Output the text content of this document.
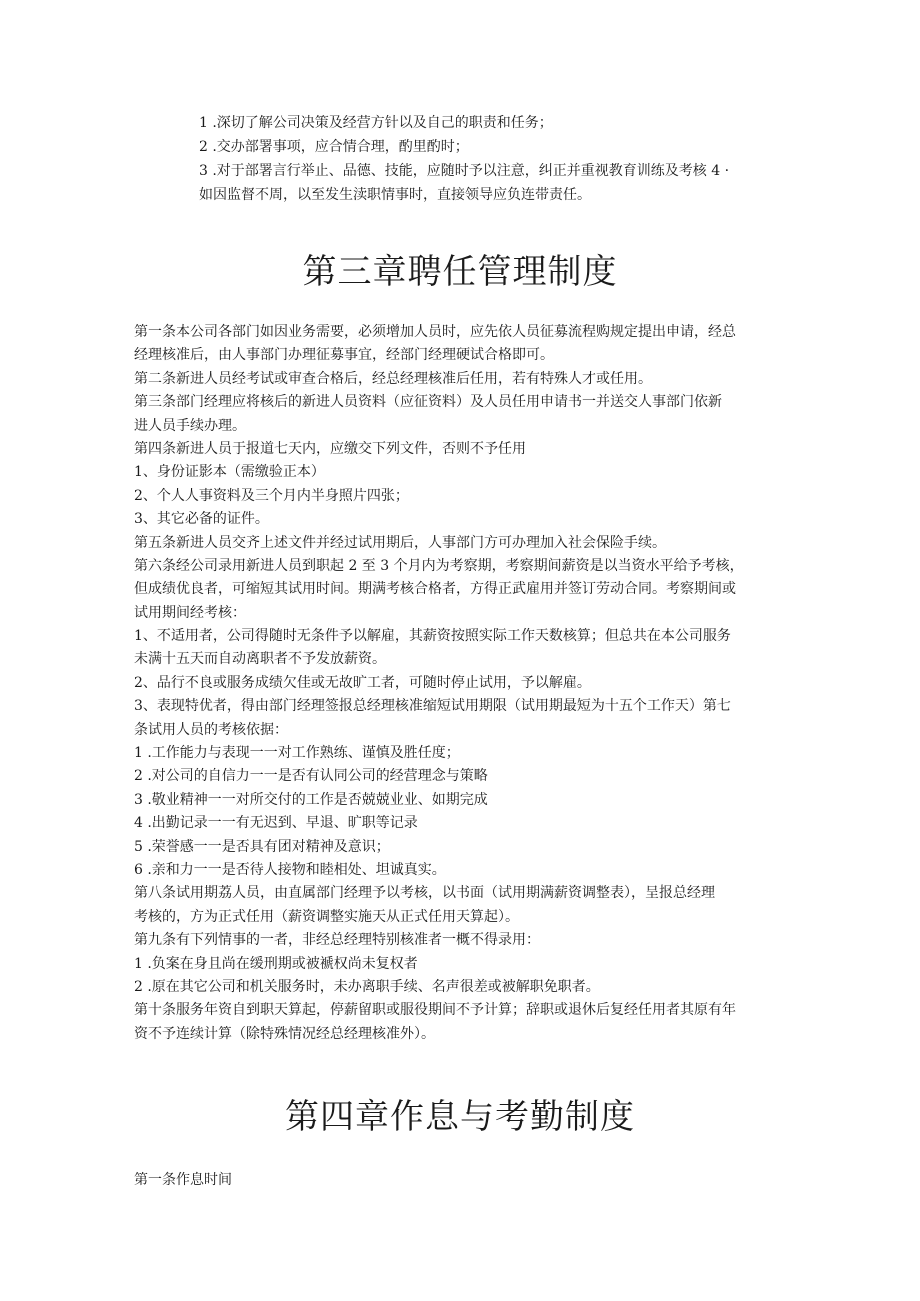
1 .深切了解公司决策及经营方针以及自己的职责和任务；

2 .交办部署事项，应合情合理，酌里酌时；

3 .对于部署言行举止、品德、技能，应随时予以注意，纠正并重视教育训练及考核 4 ·

如因监督不周，以至发生渎职情事时，直接领导应负连带责任。

第三章聘任管理制度

第一条本公司各部门如因业务需要，必须增加人员时，应先依人员征募流程购规定提出申请，经总

经理核准后，由人事部门办理征募事宜，经部门经理硬试合格即可。

第二条新进人员经考试或审查合格后，经总经理核准后任用，若有特殊人才或任用。

第三条部门经理应将核后的新进人员资料（应征资料）及人员任用申请书一并送交人事部门依新

进人员手续办理。

第四条新进人员于报道七天内，应缴交下列文件，否则不予任用

1、身份证影本（需缴验正本）

2、个人人事资料及三个月内半身照片四张；

3、其它必备的证件。

第五条新进人员交齐上述文件并经过试用期后，人事部门方可办理加入社会保险手续。

第六条经公司录用新进人员到职起 2 至 3 个月内为考察期，考察期间薪资是以当资水平给予考核，

但成绩优良者，可缩短其试用时间。期满考核合格者，方得正武雇用并签订劳动合同。考察期间或

试用期间经考核：

1、不适用者，公司得随时无条件予以解雇，其薪资按照实际工作天数核算；但总共在本公司服务

未满十五天而自动离职者不予发放薪资。

2、品行不良或服务成绩欠佳或无故旷工者，可随时停止试用，予以解雇。

3、表现特优者，得由部门经理签报总经理核准缩短试用期限（试用期最短为十五个工作天）第七

条试用人员的考核依据：

1 .工作能力与表现一一对工作熟练、谨慎及胜任度；

2 .对公司的自信力一一是否有认同公司的经营理念与策略

3 .敬业精神一一对所交付的工作是否兢兢业业、如期完成

4 .出勤记录一一有无迟到、早退、旷职等记录

5 .荣誉感一一是否具有团对精神及意识；

6 .亲和力一一是否待人接物和睦相处、坦诚真实。

第八条试用期荔人员，由直属部门经理予以考核，以书面（试用期满薪资调整表），呈报总经理

考核的，方为正式任用（薪资调整实施天从正式任用天算起）。

第九条有下列情事的一者，非经总经理特别核准者一概不得录用：

1 .负案在身且尚在缓刑期或被褫权尚未复权者

2 .原在其它公司和机关服务时，未办离职手续、名声很差或被解职免职者。

第十条服务年资自到职天算起，停薪留职或服役期间不予计算；辞职或退休后复经任用者其原有年

资不予连续计算（除特殊情况经总经理核准外）。

第四章作息与考勤制度

第一条作息时间
